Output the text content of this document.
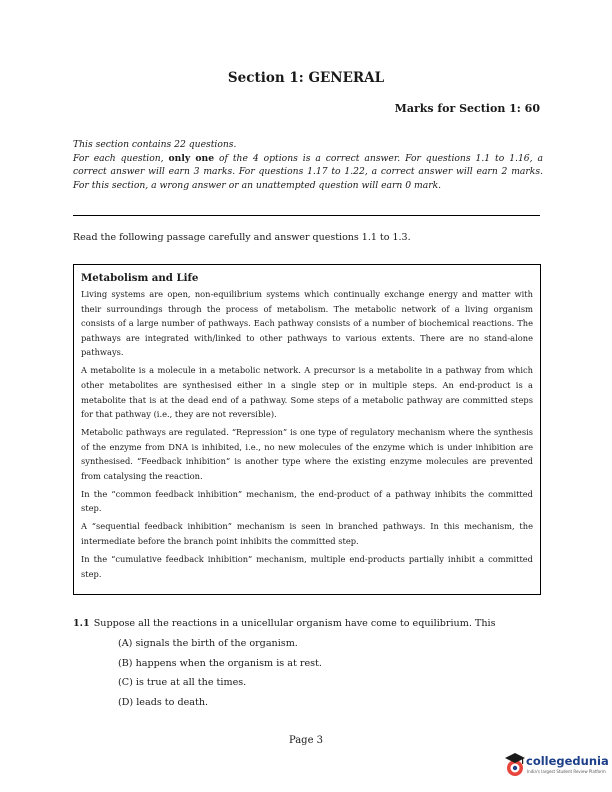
Section 1: GENERAL
Marks for Section 1: 60
This section contains 22 questions.
For each question, only one of the 4 options is a correct answer. For questions 1.1 to 1.16, a correct answer will earn 3 marks. For questions 1.17 to 1.22, a correct answer will earn 2 marks. For this section, a wrong answer or an unattempted question will earn 0 mark.
Read the following passage carefully and answer questions 1.1 to 1.3.
Metabolism and Life

Living systems are open, non-equilibrium systems which continually exchange energy and matter with their surroundings through the process of metabolism. The metabolic network of a living organism consists of a large number of pathways. Each pathway consists of a number of biochemical reactions. The pathways are integrated with/linked to other pathways to various extents. There are no stand-alone pathways.

A metabolite is a molecule in a metabolic network. A precursor is a metabolite in a pathway from which other metabolites are synthesised either in a single step or in multiple steps. An end-product is a metabolite that is at the dead end of a pathway. Some steps of a metabolic pathway are committed steps for that pathway (i.e., they are not reversible).

Metabolic pathways are regulated. “Repression” is one type of regulatory mechanism where the synthesis of the enzyme from DNA is inhibited, i.e., no new molecules of the enzyme which is under inhibition are synthesised. “Feedback inhibition” is another type where the existing enzyme molecules are prevented from catalysing the reaction.

In the “common feedback inhibition” mechanism, the end-product of a pathway inhibits the committed step.

A “sequential feedback inhibition” mechanism is seen in branched pathways. In this mechanism, the intermediate before the branch point inhibits the committed step.

In the “cumulative feedback inhibition” mechanism, multiple end-products partially inhibit a committed step.

1.1 Suppose all the reactions in a unicellular organism have come to equilibrium. This
(A) signals the birth of the organism.
(B) happens when the organism is at rest.
(C) is true at all the times.
(D) leads to death.
Page 3
collegedunia
India's largest Student Review Platform
